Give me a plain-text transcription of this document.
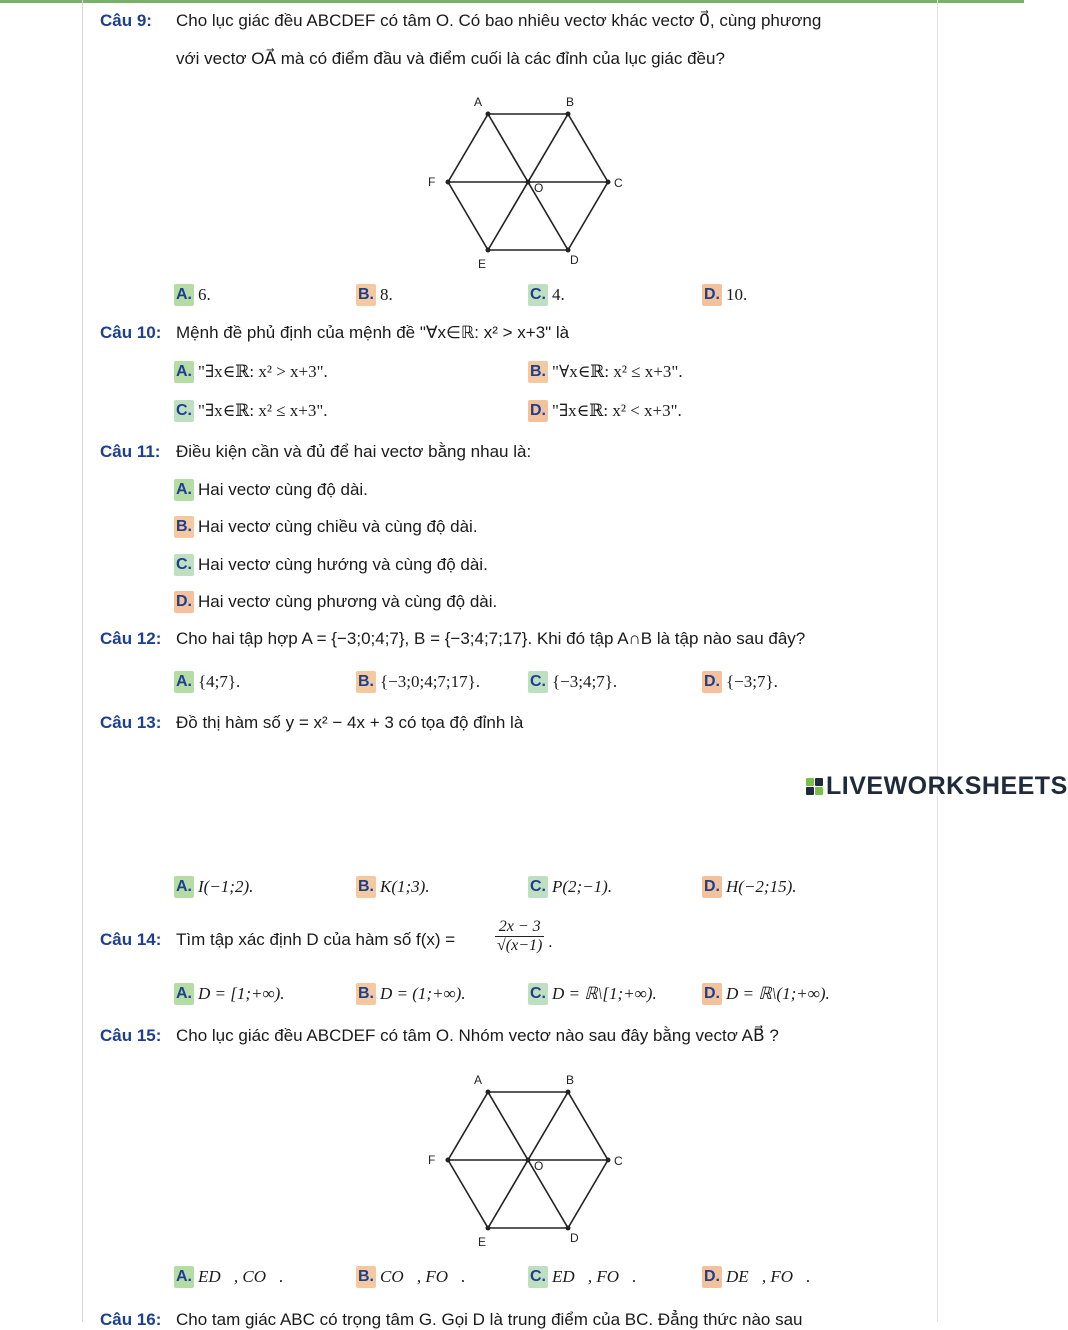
Câu 9: Cho lục giác đều ABCDEF có tâm O. Có bao nhiêu vectơ khác vectơ 0⃗, cùng phương
với vectơ OA⃗ mà có điểm đầu và điểm cuối là các đỉnh của lục giác đều?
A	B
C
D
E
F	O
A. 6.	B. 8.	C. 4.	D. 10.
Câu 10: Mệnh đề phủ định của mệnh đề "∀x∈ℝ: x² > x+3" là
A. "∃x∈ℝ: x² > x+3".	B. "∀x∈ℝ: x² ≤ x+3".
C. "∃x∈ℝ: x² ≤ x+3".	D. "∃x∈ℝ: x² < x+3".
Câu 11: Điều kiện cần và đủ để hai vectơ bằng nhau là:
A. Hai vectơ cùng độ dài.
B. Hai vectơ cùng chiều và cùng độ dài.
C. Hai vectơ cùng hướng và cùng độ dài.
D. Hai vectơ cùng phương và cùng độ dài.
Câu 12: Cho hai tập hợp A = {−3;0;4;7}, B = {−3;4;7;17}. Khi đó tập A∩B là tập nào sau đây?
A. {4;7}.	B. {−3;0;4;7;17}.	C. {−3;4;7}.	D. {−3;7}.
Câu 13: Đồ thị hàm số y = x² − 4x + 3 có tọa độ đỉnh là
LIVEWORKSHEETS
A. I(−1;2).	B. K(1;3).	C. P(2;−1).	D. H(−2;15).
Câu 14: Tìm tập xác định D của hàm số $f(x) = \frac{2x - 3}{√(x-1)}$ .
A. D = [1;+∞).	B. D = (1;+∞).	C. D = ℝ\[1;+∞).	D. D = ℝ\(1;+∞).
Câu 15: Cho lục giác đều ABCDEF có tâm O. Nhóm vectơ nào sau đây bằng vectơ AB⃗ ?
A	B
C
D
E
F	O
A. ED⃗, CO⃗.	B. CO⃗, FO⃗.	C. ED⃗, FO⃗.	D. DE⃗, FO⃗.
Câu 16: Cho tam giác ABC có trọng tâm G. Gọi D là trung điểm của BC. Đẳng thức nào sau
